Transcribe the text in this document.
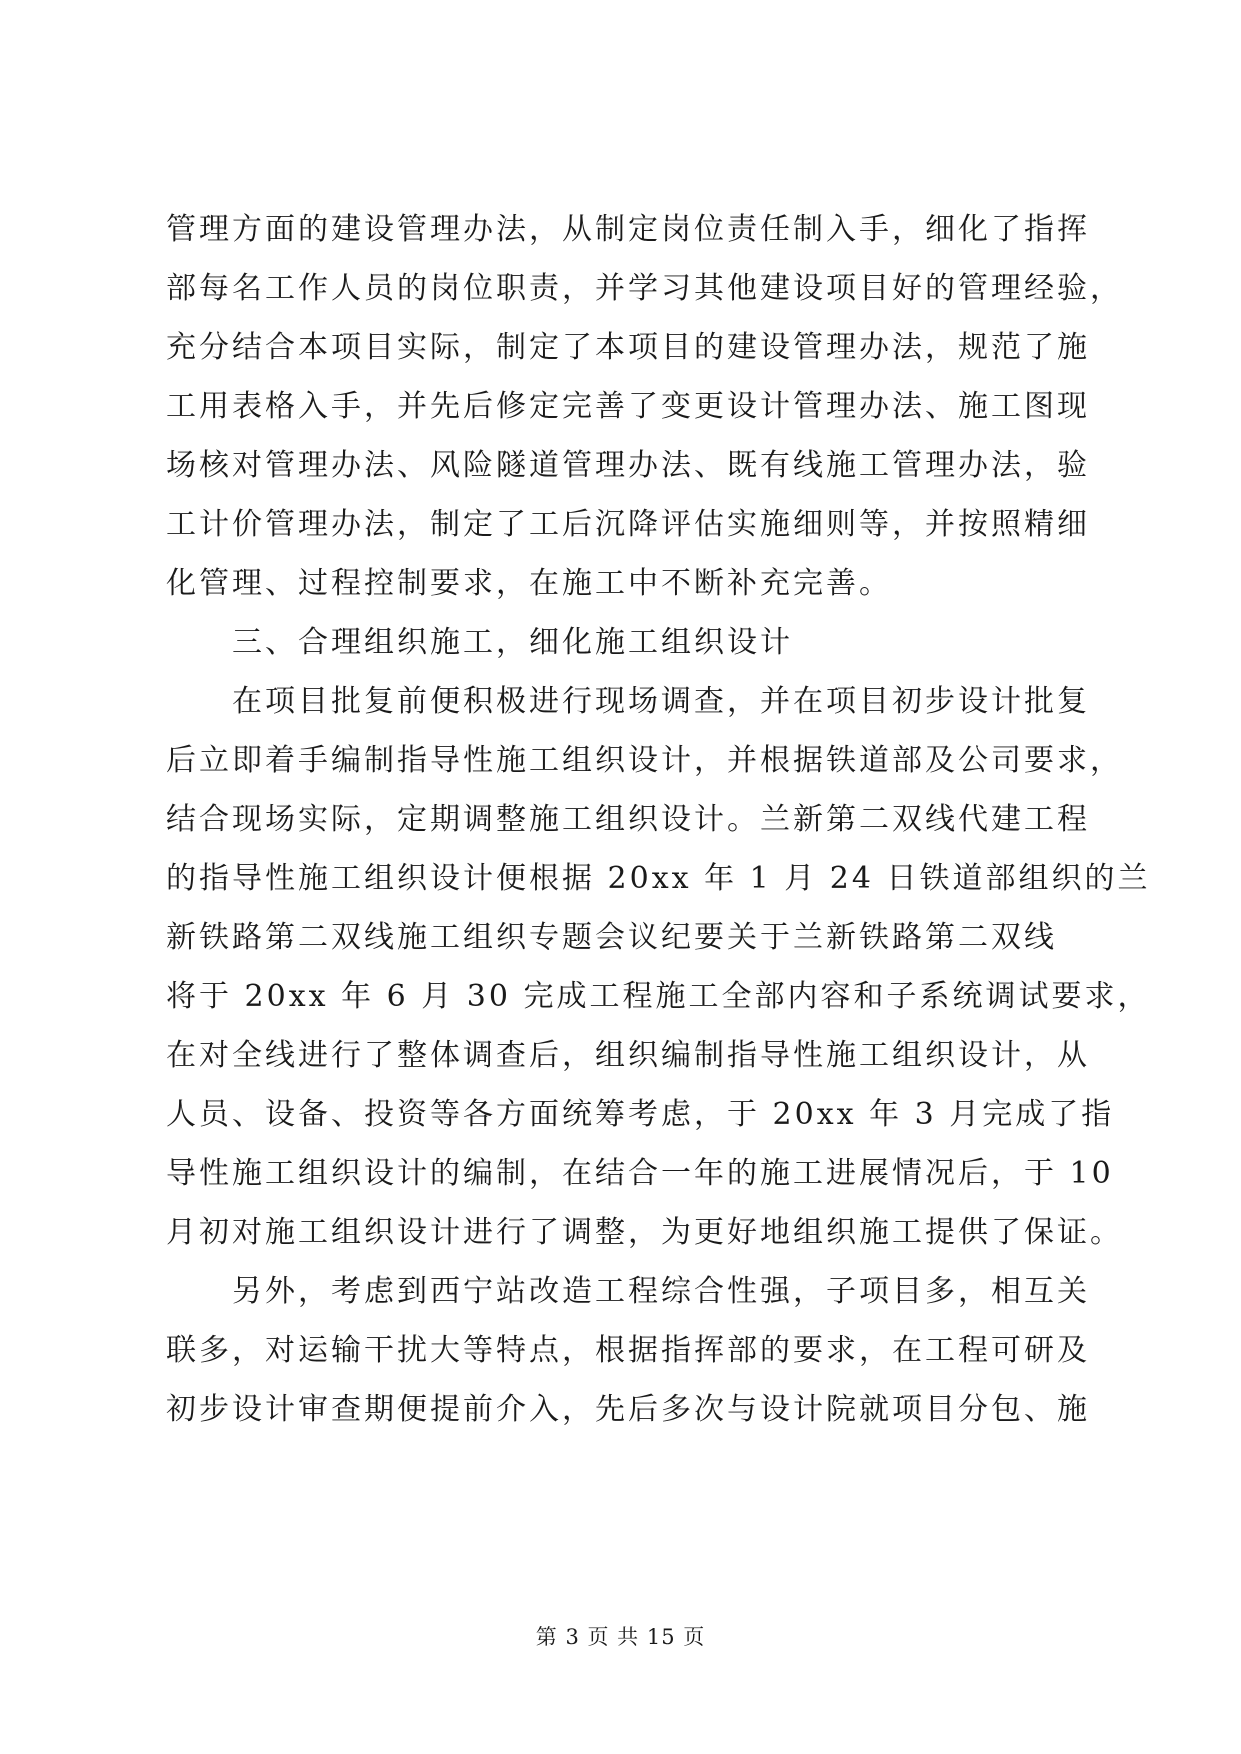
管理方面的建设管理办法，从制定岗位责任制入手，细化了指挥
部每名工作人员的岗位职责，并学习其他建设项目好的管理经验，
充分结合本项目实际，制定了本项目的建设管理办法，规范了施
工用表格入手，并先后修定完善了变更设计管理办法、施工图现
场核对管理办法、风险隧道管理办法、既有线施工管理办法，验
工计价管理办法，制定了工后沉降评估实施细则等，并按照精细
化管理、过程控制要求，在施工中不断补充完善。
三、合理组织施工，细化施工组织设计
在项目批复前便积极进行现场调查，并在项目初步设计批复
后立即着手编制指导性施工组织设计，并根据铁道部及公司要求，
结合现场实际，定期调整施工组织设计。兰新第二双线代建工程
的指导性施工组织设计便根据 20xx 年 1 月 24 日铁道部组织的兰
新铁路第二双线施工组织专题会议纪要关于兰新铁路第二双线
将于 20xx 年 6 月 30 完成工程施工全部内容和子系统调试要求，
在对全线进行了整体调查后，组织编制指导性施工组织设计，从
人员、设备、投资等各方面统筹考虑，于 20xx 年 3 月完成了指
导性施工组织设计的编制，在结合一年的施工进展情况后，于 10
月初对施工组织设计进行了调整，为更好地组织施工提供了保证。
另外，考虑到西宁站改造工程综合性强，子项目多，相互关
联多，对运输干扰大等特点，根据指挥部的要求，在工程可研及
初步设计审查期便提前介入，先后多次与设计院就项目分包、施
第 3 页 共 15 页
